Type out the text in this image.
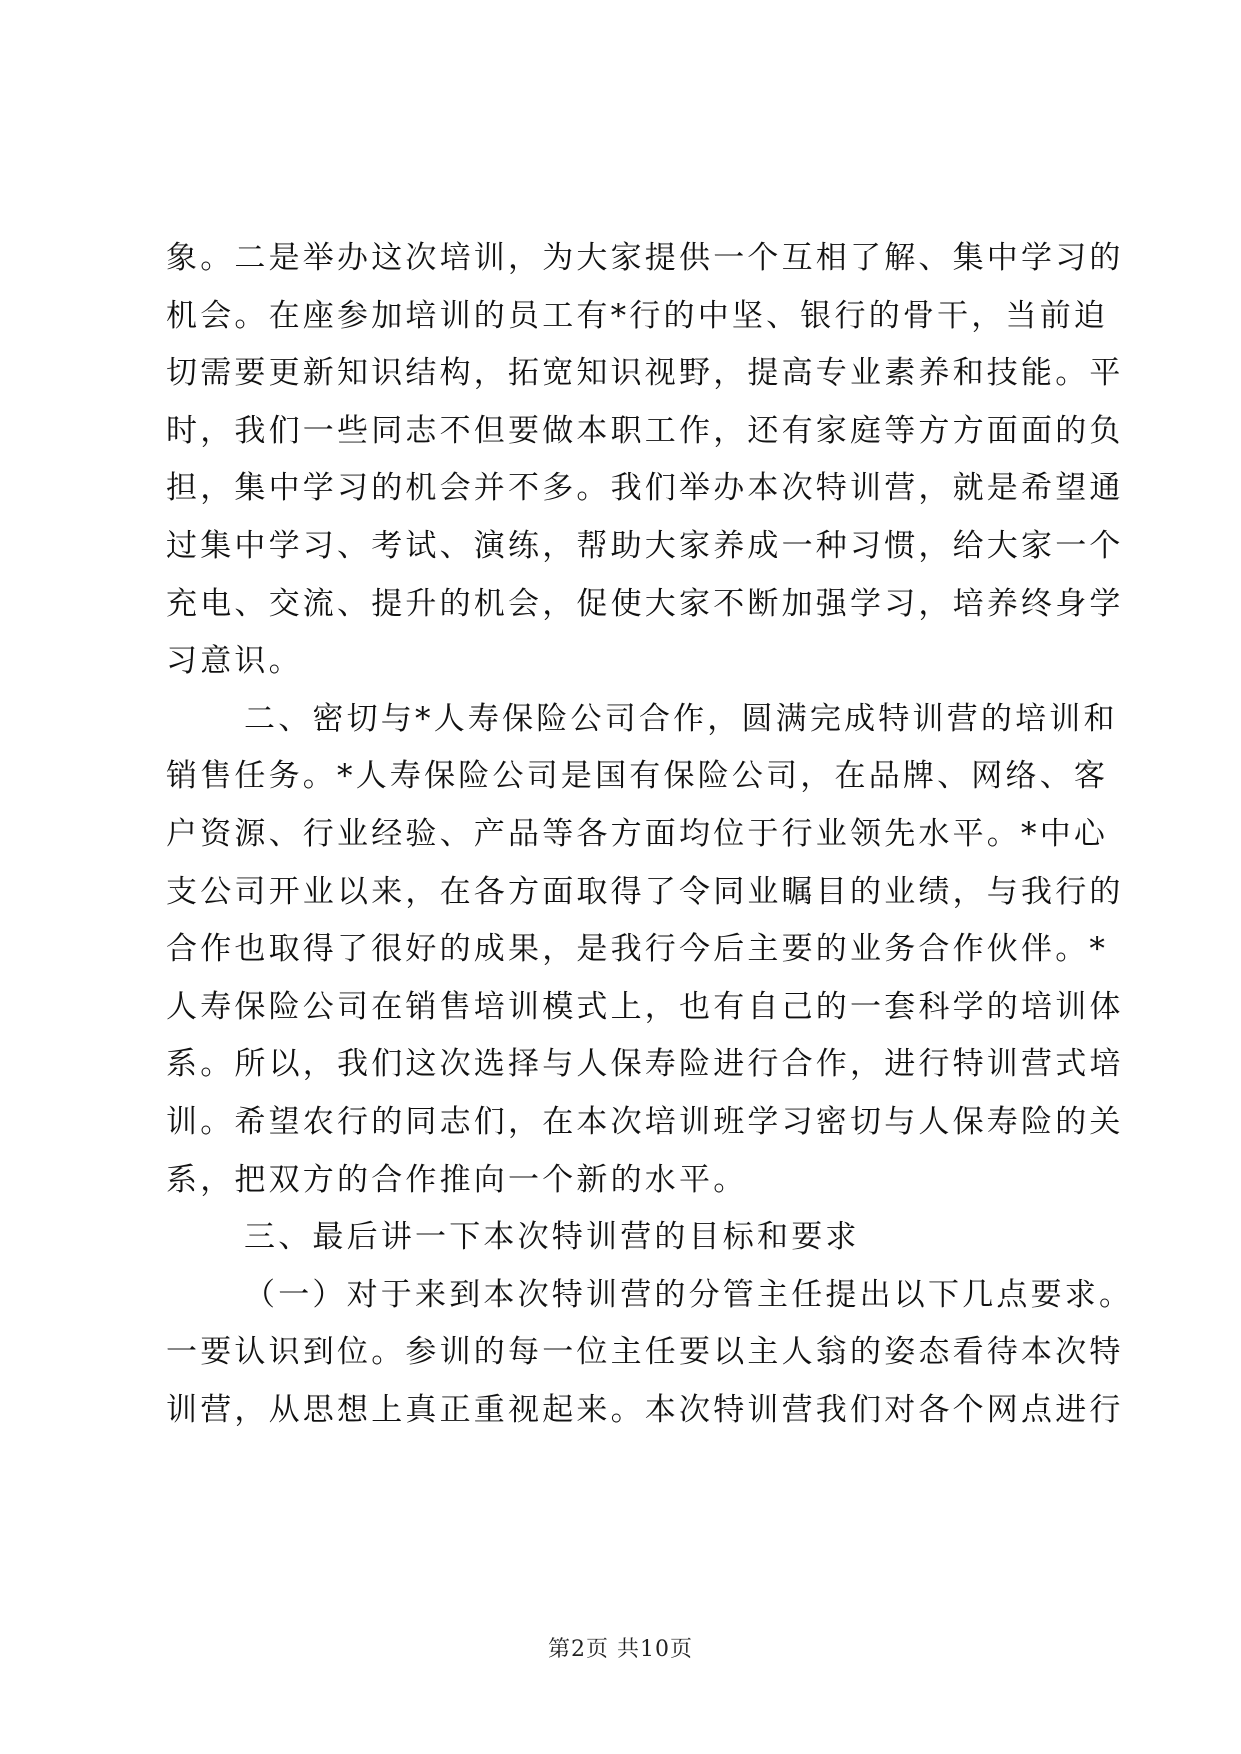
象。二是举办这次培训，为大家提供一个互相了解、集中学习的
机会。在座参加培训的员工有*行的中坚、银行的骨干，当前迫
切需要更新知识结构，拓宽知识视野，提高专业素养和技能。平
时，我们一些同志不但要做本职工作，还有家庭等方方面面的负
担，集中学习的机会并不多。我们举办本次特训营，就是希望通
过集中学习、考试、演练，帮助大家养成一种习惯，给大家一个
充电、交流、提升的机会，促使大家不断加强学习，培养终身学
习意识。
二、密切与*人寿保险公司合作，圆满完成特训营的培训和
销售任务。*人寿保险公司是国有保险公司，在品牌、网络、客
户资源、行业经验、产品等各方面均位于行业领先水平。*中心
支公司开业以来，在各方面取得了令同业瞩目的业绩，与我行的
合作也取得了很好的成果，是我行今后主要的业务合作伙伴。*
人寿保险公司在销售培训模式上，也有自己的一套科学的培训体
系。所以，我们这次选择与人保寿险进行合作，进行特训营式培
训。希望农行的同志们，在本次培训班学习密切与人保寿险的关
系，把双方的合作推向一个新的水平。
三、最后讲一下本次特训营的目标和要求
（一）对于来到本次特训营的分管主任提出以下几点要求。
一要认识到位。参训的每一位主任要以主人翁的姿态看待本次特
训营，从思想上真正重视起来。本次特训营我们对各个网点进行
第2页 共10页
